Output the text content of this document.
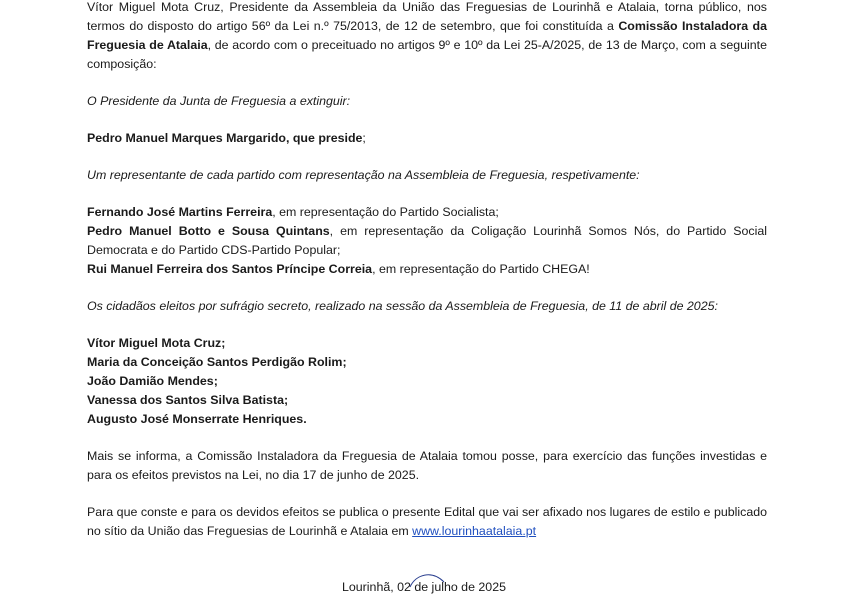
Vítor Miguel Mota Cruz, Presidente da Assembleia da União das Freguesias de Lourinhã e Atalaia, torna público, nos termos do disposto do artigo 56º da Lei n.º 75/2013, de 12 de setembro, que foi constituída a Comissão Instaladora da Freguesia de Atalaia, de acordo com o preceituado no artigos 9º e 10º da Lei 25-A/2025, de 13 de Março, com a seguinte composição:

O Presidente da Junta de Freguesia a extinguir:

Pedro Manuel Marques Margarido, que preside;

Um representante de cada partido com representação na Assembleia de Freguesia, respetivamente:

Fernando José Martins Ferreira, em representação do Partido Socialista;

Pedro Manuel Botto e Sousa Quintans, em representação da Coligação Lourinhã Somos Nós, do Partido Social Democrata e do Partido CDS-Partido Popular;

Rui Manuel Ferreira dos Santos Príncipe Correia, em representação do Partido CHEGA!

Os cidadãos eleitos por sufrágio secreto, realizado na sessão da Assembleia de Freguesia, de 11 de abril de 2025:

Vítor Miguel Mota Cruz;

Maria da Conceição Santos Perdigão Rolim;

João Damião Mendes;

Vanessa dos Santos Silva Batista;

Augusto José Monserrate Henriques.

Mais se informa, a Comissão Instaladora da Freguesia de Atalaia tomou posse, para exercício das funções investidas e para os efeitos previstos na Lei, no dia 17 de junho de 2025.

Para que conste e para os devidos efeitos se publica o presente Edital que vai ser afixado nos lugares de estilo e publicado no sítio da União das Freguesias de Lourinhã e Atalaia em www.lourinhaatalaia.pt

Lourinhã, 02 de julho de 2025
